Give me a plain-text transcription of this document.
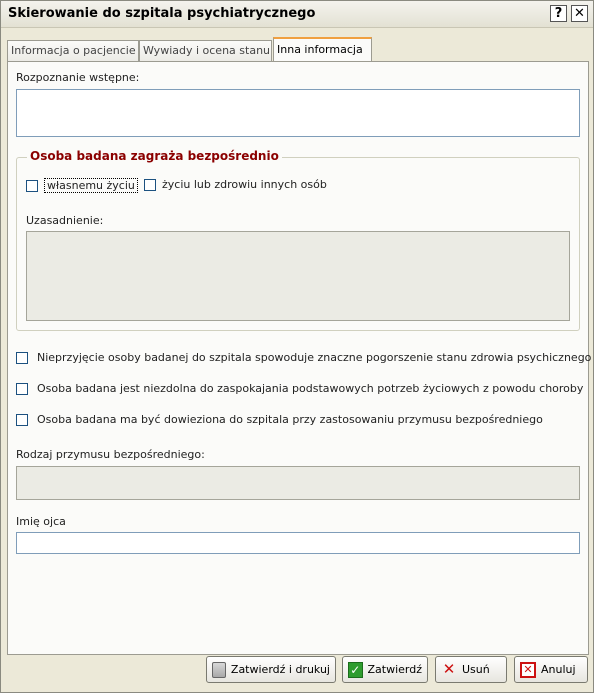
Skierowanie do szpitala psychiatrycznego	? ✕
Informacja o pacjencie Wywiady i ocena stanu Inna informacja
Rozpoznanie wstępne:
Osoba badana zagraża bezpośrednio
własnemu życiu życiu lub zdrowiu innych osób
Uzasadnienie:
Nieprzyjęcie osoby badanej do szpitala spowoduje znaczne pogorszenie stanu zdrowia psychicznego
Osoba badana jest niezdolna do zaspokajania podstawowych potrzeb życiowych z powodu choroby
Osoba badana ma być dowieziona do szpitala przy zastosowaniu przymusu bezpośredniego
Rodzaj przymusu bezpośredniego:
Imię ojca
Zatwierdź i drukuj ✓ Zatwierdź ✕ Usuń	✕ Anuluj
